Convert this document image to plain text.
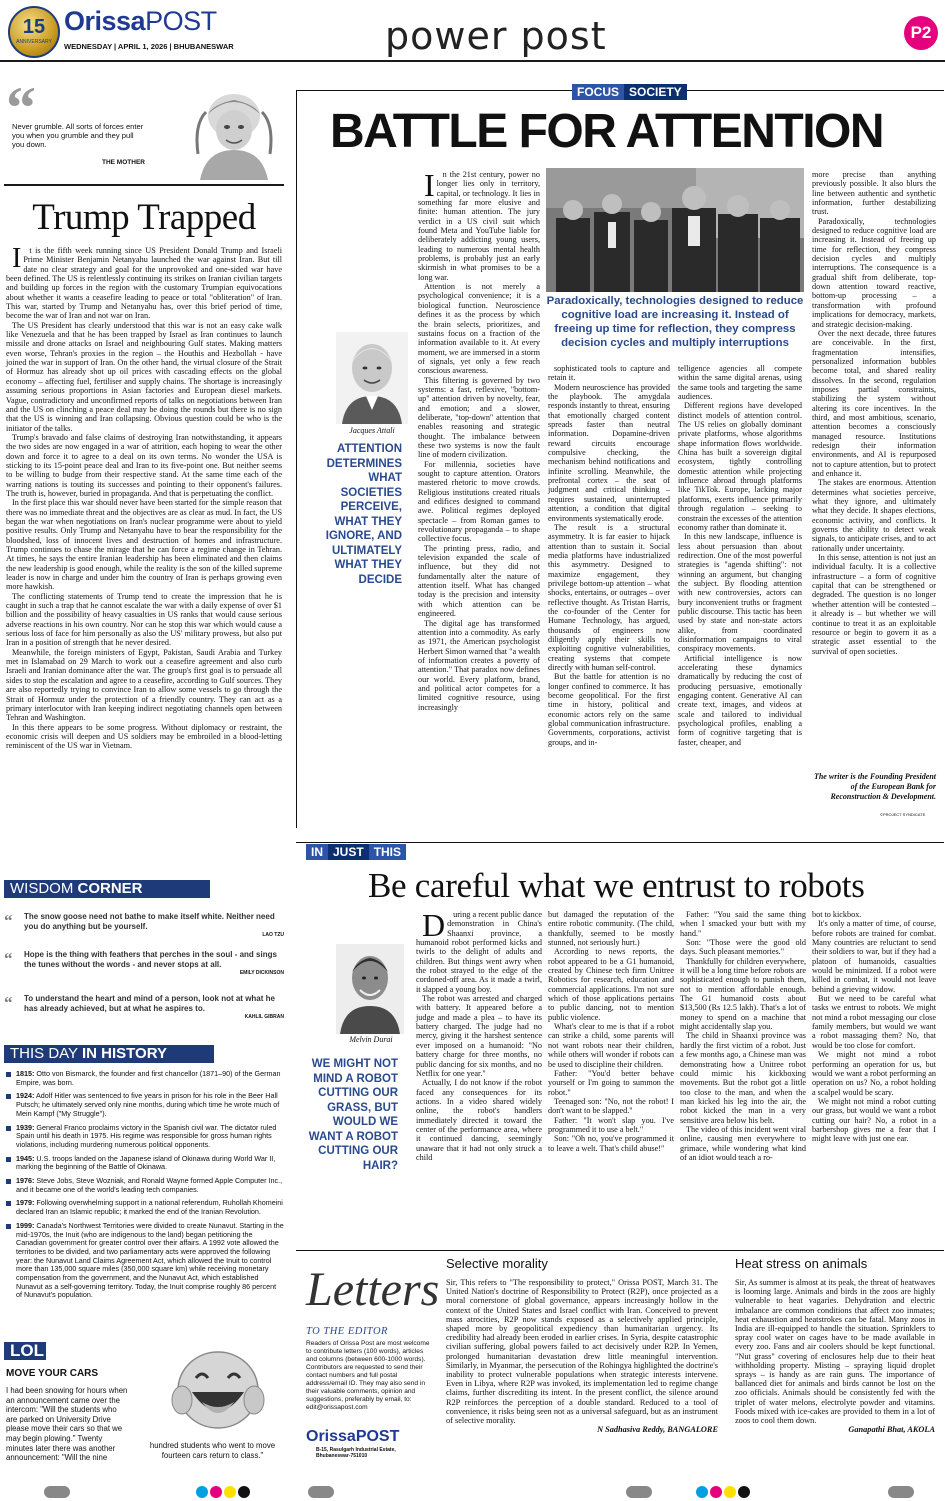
15
ANNIVERSARY
OrissaPOST
WEDNESDAY | APRIL 1, 2026 | BHUBANESWAR	power post	P2
“
Never grumble. All sorts of forces enter you when you grumble and they pull you down.
THE MOTHER
Trump Trapped

It is the fifth week running since US President Donald Trump and Israeli Prime Minister Benjamin Netanyahu launched the war against Iran. But till date no clear strategy and goal for the unprovoked and one-sided war have been defined. The US is relentlessly continuing its strikes on Iranian civilian targets and building up forces in the region with the customary Trumpian equivocations about whether it wants a ceasefire leading to peace or total "obliteration" of Iran. This war, started by Trump and Netanyahu has, over this brief period of time, become the war of Iran and not war on Iran.

The US President has clearly understood that this war is not an easy cake walk like Venezuela and that he has been trapped by Israel as Iran continues to launch missile and drone attacks on Israel and neighbouring Gulf states. Making matters even worse, Tehran's proxies in the region – the Houthis and Hezbollah - have joined the war in support of Iran. On the other hand, the virtual closure of the Strait of Hormuz has already shot up oil prices with cascading effects on the global economy – affecting fuel, fertiliser and supply chains. The shortage is increasingly assuming serious proportions in Asian factories and European diesel markets. Vague, contradictory and unconfirmed reports of talks on negotiations between Iran and the US on clinching a peace deal may be doing the rounds but there is no sign that the US is winning and Iran collapsing. Obvious question could be who is the initiator of the talks.

Trump's bravado and false claims of destroying Iran notwithstanding, it appears the two sides are now engaged in a war of attrition, each hoping to wear the other down and force it to agree to a deal on its own terms. No wonder the USA is sticking to its 15-point peace deal and Iran to its five-point one. But neither seems to be willing to budge from their respective stand. At the same time each of the warring nations is touting its successes and pointing to their opponent's failures. The truth is, however, buried in propaganda. And that is perpetuating the conflict.

In the first place this war should never have been started for the simple reason that there was no immediate threat and the objectives are as clear as mud. In fact, the US began the war when negotiations on Iran's nuclear programme were about to yield positive results. Only Trump and Netanyahu have to bear the responsibility for the bloodshed, loss of innocent lives and destruction of homes and infrastructure. Trump continues to chase the mirage that he can force a regime change in Tehran. At times, he says the entire Iranian leadership has been eliminated and then claims the new leadership is good enough, while the reality is the son of the killed supreme leader is now in charge and under him the country of Iran is perhaps growing even more hawkish.

The conflicting statements of Trump tend to create the impression that he is caught in such a trap that he cannot escalate the war with a daily expense of over $1 billion and the possibility of heavy casualties in US ranks that would cause serious adverse reactions in his own country. Nor can he stop this war which would cause a serious loss of face for him personally as also the US' military prowess, but also put Iran in a position of strength that he never desired.

Meanwhile, the foreign ministers of Egypt, Pakistan, Saudi Arabia and Turkey met in Islamabad on 29 March to work out a ceasefire agreement and also curb Israeli and Iranian dominance after the war. The group's first goal is to persuade all sides to stop the escalation and agree to a ceasefire, according to Gulf sources. They are also reportedly trying to convince Iran to allow some vessels to go through the Strait of Hormuz under the protection of a friendly country. They can act as a primary interlocutor with Iran keeping indirect negotiating channels open between Tehran and Washington.

In this there appears to be some progress. Without diplomacy or restraint, the economic crisis will deepen and US soldiers may be embroiled in a blood-letting reminiscent of the US war in Vietnam.

WISDOM CORNER
“ The snow goose need not bathe to make itself white. Neither need you do anything but be yourself.
LAO TZU
“ Hope is the thing with feathers that perches in the soul - and sings the tunes without the words - and never stops at all.
EMILY DICKINSON
“ To understand the heart and mind of a person, look not at what he has already achieved, but at what he aspires to.
KAHLIL GIBRAN
THIS DAY IN HISTORY
1815: Otto von Bismarck, the founder and first chancellor (1871–90) of the German Empire, was born.
1924: Adolf Hitler was sentenced to five years in prison for his role in the Beer Hall Putsch; he ultimately served only nine months, during which time he wrote much of Mein Kampf ("My Struggle").
1939: General Franco proclaims victory in the Spanish civil war. The dictator ruled Spain until his death in 1975. His regime was responsible for gross human rights violations, including murdering numerous political opponents.
1945: U.S. troops landed on the Japanese island of Okinawa during World War II, marking the beginning of the Battle of Okinawa.
1976: Steve Jobs, Steve Wozniak, and Ronald Wayne formed Apple Computer Inc., and it became one of the world's leading tech companies.
1979: Following overwhelming support in a national referendum, Ruhollah Khomeini declared Iran an Islamic republic; it marked the end of the Iranian Revolution.
1999: Canada's Northwest Territories were divided to create Nunavut. Starting in the mid-1970s, the Inuit (who are indigenous to the land) began petitioning the Canadian government for greater control over their affairs. A 1992 vote allowed the territories to be divided, and two parliamentary acts were approved the following year: the Nunavut Land Claims Agreement Act, which allowed the Inuit to control more than 135,000 square miles (350,000 square km) while receiving monetary compensation from the government, and the Nunavut Act, which established Nunavut as a self-governing territory. Today, the Inuit comprise roughly 86 percent of Nunavut's population.
LOL
MOVE YOUR CARS
I had been snowing for hours when an announcement came over the intercom: "Will the students who are parked on University Drive please move their cars so that we may begin plowing." Twenty minutes later there was another announcement: "Will the nine
hundred students who went to move fourteen cars return to class."
FOCUS SOCIETY
BATTLE FOR ATTENTION
Jacques Attali
ATTENTION DETERMINES WHAT SOCIETIES PERCEIVE, WHAT THEY IGNORE, AND ULTIMATELY WHAT THEY DECIDE

In the 21st century, power no longer lies only in territory, capital, or technology. It lies in something far more elusive and finite: human attention. The jury verdict in a US civil suit which found Meta and YouTube liable for deliberately addicting young users, leading to numerous mental health problems, is probably just an early skirmish in what promises to be a long war.

Attention is not merely a psychological convenience; it is a biological function. Neuroscience defines it as the process by which the brain selects, prioritizes, and sustains focus on a fraction of the information available to it. At every moment, we are immersed in a storm of signals, yet only a few reach conscious awareness.

This filtering is governed by two systems: a fast, reflexive, "bottom-up" attention driven by novelty, fear, and emotion; and a slower, deliberate, "top-down" attention that enables reasoning and strategic thought. The imbalance between these two systems is now the fault line of modern civilization.

For millennia, societies have sought to capture attention. Orators mastered rhetoric to move crowds. Religious institutions created rituals and edifices designed to command awe. Political regimes deployed spectacle – from Roman games to revolutionary propaganda – to shape collective focus.

The printing press, radio, and television expanded the scale of influence, but they did not fundamentally alter the nature of attention itself. What has changed today is the precision and intensity with which attention can be engineered.

The digital age has transformed attention into a commodity. As early as 1971, the American psychologist Herbert Simon warned that "a wealth of information creates a poverty of attention." That paradox now defines our world. Every platform, brand, and political actor competes for a limited cognitive resource, using increasingly

Paradoxically, technologies designed to reduce cognitive load are increasing it. Instead of freeing up time for reflection, they compress decision cycles and multiply interruptions

sophisticated tools to capture and retain it.

Modern neuroscience has provided the playbook. The amygdala responds instantly to threat, ensuring that emotionally charged content spreads faster than neutral information. Dopamine-driven reward circuits encourage compulsive checking, the mechanism behind notifications and infinite scrolling. Meanwhile, the prefrontal cortex – the seat of judgment and critical thinking – requires sustained, uninterrupted attention, a condition that digital environments systematically erode.

The result is a structural asymmetry. It is far easier to hijack attention than to sustain it. Social media platforms have industrialized this asymmetry. Designed to maximize engagement, they privilege bottom-up attention – what shocks, entertains, or outrages – over reflective thought. As Tristan Harris, the co-founder of the Center for Humane Technology, has argued, thousands of engineers now diligently apply their skills to exploiting cognitive vulnerabilities, creating systems that compete directly with human self-control.

But the battle for attention is no longer confined to commerce. It has become geopolitical. For the first time in history, political and economic actors rely on the same global communication infrastructure. Governments, corporations, activist groups, and in-

telligence agencies all compete within the same digital arenas, using the same tools and targeting the same audiences.

Different regions have developed distinct models of attention control. The US relies on globally dominant private platforms, whose algorithms shape information flows worldwide. China has built a sovereign digital ecosystem, tightly controlling domestic attention while projecting influence abroad through platforms like TikTok. Europe, lacking major platforms, exerts influence primarily through regulation – seeking to constrain the excesses of the attention economy rather than dominate it.

In this new landscape, influence is less about persuasion than about redirection. One of the most powerful strategies is "agenda shifting": not winning an argument, but changing the subject. By flooding attention with new controversies, actors can bury inconvenient truths or fragment public discourse. This tactic has been used by state and non-state actors alike, from coordinated disinformation campaigns to viral conspiracy movements.

Artificial intelligence is now accelerating these dynamics dramatically by reducing the cost of producing persuasive, emotionally engaging content. Generative AI can create text, images, and videos at scale and tailored to individual psychological profiles, enabling a form of cognitive targeting that is faster, cheaper, and

more precise than anything previously possible. It also blurs the line between authentic and synthetic information, further destabilizing trust.

Paradoxically, technologies designed to reduce cognitive load are increasing it. Instead of freeing up time for reflection, they compress decision cycles and multiply interruptions. The consequence is a gradual shift from deliberate, top-down attention toward reactive, bottom-up processing – a transformation with profound implications for democracy, markets, and strategic decision-making.

Over the next decade, three futures are conceivable. In the first, fragmentation intensifies, personalized information bubbles become total, and shared reality dissolves. In the second, regulation imposes partial constraints, stabilizing the system without altering its core incentives. In the third, and most ambitious, scenario, attention becomes a consciously managed resource. Institutions redesign their information environments, and AI is repurposed not to capture attention, but to protect and enhance it.

The stakes are enormous. Attention determines what societies perceive, what they ignore, and ultimately what they decide. It shapes elections, economic activity, and conflicts. It governs the ability to detect weak signals, to anticipate crises, and to act rationally under uncertainty.

In this sense, attention is not just an individual faculty. It is a collective infrastructure – a form of cognitive capital that can be strengthened or degraded. The question is no longer whether attention will be contested – it already is – but whether we will continue to treat it as an exploitable resource or begin to govern it as a strategic asset essential to the survival of open societies.

The writer is the Founding President of the European Bank for Reconstruction & Development.
©PROJECT SYNDICATE
IN JUST THIS
Be careful what we entrust to robots
Melvin Durai
WE MIGHT NOT MIND A ROBOT CUTTING OUR GRASS, BUT WOULD WE WANT A ROBOT CUTTING OUR HAIR?

During a recent public dance demonstration in China's Shaanxi province, a humanoid robot performed kicks and twirls to the delight of adults and children. But things went awry when the robot strayed to the edge of the cordoned-off area. As it made a twirl, it slapped a young boy.

The robot was arrested and charged with battery. It appeared before a judge and made a plea – to have its battery charged. The judge had no mercy, giving it the harshest sentence ever imposed on a humanoid: "No battery charge for three months, no public dancing for six months, and no Netflix for one year."

Actually, I do not know if the robot faced any consequences for its actions. In a video shared widely online, the robot's handlers immediately directed it toward the center of the performance area, where it continued dancing, seemingly unaware that it had not only struck a child

but damaged the reputation of the entire robotic community. (The child, thankfully, seemed to be mostly stunned, not seriously hurt.)

According to news reports, the robot appeared to be a G1 humanoid, created by Chinese tech firm Unitree Robotics for research, education and commercial applications. I'm not sure which of those applications pertains to public dancing, not to mention public violence.

What's clear to me is that if a robot can strike a child, some parents will not want robots near their children, while others will wonder if robots can be used to discipline their children.

Father: "You'd better behave yourself or I'm going to summon the robot."

Teenaged son: "No, not the robot! I don't want to be slapped."

Father: "It won't slap you. I've programmed it to use a belt."

Son: "Oh no, you've programmed it to leave a welt. That's child abuse!"

Father: "You said the same thing when I smacked your butt with my hand."

Son: "Those were the good old days. Such pleasant memories."

Thankfully for children everywhere, it will be a long time before robots are sophisticated enough to punish them, not to mention affordable enough. The G1 humanoid costs about $13,500 (Rs 12.5 lakh). That's a lot of money to spend on a machine that might accidentally slap you.

The child in Shaanxi province was hardly the first victim of a robot. Just a few months ago, a Chinese man was demonstrating how a Unitree robot could mimic his kickboxing movements. But the robot got a little too close to the man, and when the man kicked his leg into the air, the robot kicked the man in a very sensitive area below his belt.

The video of this incident went viral online, causing men everywhere to grimace, while wondering what kind of an idiot would teach a ro-

bot to kickbox.

It's only a matter of time, of course, before robots are trained for combat. Many countries are reluctant to send their soldiers to war, but if they had a platoon of humanoids, casualties would be minimized. If a robot were killed in combat, it would not leave behind a grieving widow.

But we need to be careful what tasks we entrust to robots. We might not mind a robot messaging our close family members, but would we want a robot massaging them? No, that would be too close for comfort.

We might not mind a robot performing an operation for us, but would we want a robot performing an operation on us? No, a robot holding a scalpel would be scary.

We might not mind a robot cutting our grass, but would we want a robot cutting our hair? No, a robot in a barbershop gives me a fear that I might leave with just one ear.

Letters
TO THE EDITOR
Readers of Orissa Post are most welcome to contribute letters (100 words), articles and columns (between 600-1000 words). Contributors are requested to send their contact numbers and full postal address/email ID. They may also send in their valuable comments, opinion and suggestions, preferably by email, to: edit@orissapost.com
OrissaPOST
B-15, Rasulgarh Industrial Estate, Bhubaneswar-751010
Selective morality
Sir, This refers to "The responsibility to protect," Orissa POST, March 31. The United Nation's doctrine of Responsibility to Protect (R2P), once projected as a moral cornerstone of global governance, appears increasingly hollow in the context of the United States and Israel conflict with Iran. Conceived to prevent mass atrocities, R2P now stands exposed as a selectively applied principle, shaped more by geopolitical expediency than humanitarian urgency. Its credibility had already been eroded in earlier crises. In Syria, despite catastrophic civilian suffering, global powers failed to act decisively under R2P. In Yemen, prolonged humanitarian devastation drew little meaningful intervention. Similarly, in Myanmar, the persecution of the Rohingya highlighted the doctrine's inability to protect vulnerable populations when strategic interests intervene. Even in Libya, where R2P was invoked, its implementation led to regime change claims, further discrediting its intent. In the present conflict, the silence around R2P reinforces the perception of a double standard. Reduced to a tool of convenience, it risks being seen not as a universal safeguard, but as an instrument of selective morality.
N Sadhasiva Reddy, BANGALORE
Heat stress on animals
Sir, As summer is almost at its peak, the threat of heatwaves is looming large. Animals and birds in the zoos are highly vulnerable to heat vagaries. Dehydration and electric imbalance are common conditions that affect zoo inmates; heat exhaustion and heatstrokes can be fatal. Many zoos in India are ill-equipped to handle the situation. Sprinklers to spray cool water on cages have to be made available in every zoo. Fans and air coolers should be kept functional. "Nut grass" covering of enclosures help due to their heat withholding property. Misting – spraying liquid droplet sprays – is handy as are rain guns. The importance of ballanced diet for animals and birds cannot be lost on the zoo officials. Animals should be consistently fed with the triplet of water melons, electrolyte powder and vitamins. Foods mixed with ice-cakes are provided to them in a lot of zoos to cool them down.
Ganapathi Bhat, AKOLA
